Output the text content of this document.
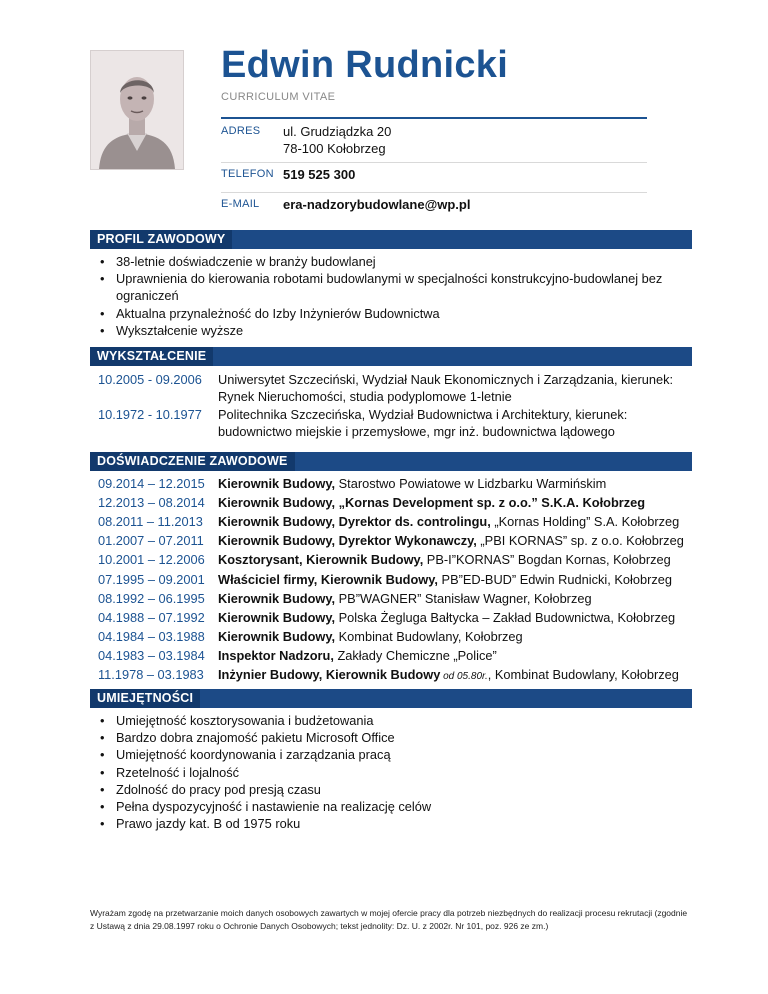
Edwin Rudnicki
CURRICULUM VITAE
ADRES ul. Grudziądzka 20
78-100 Kołobrzeg
TELEFON 519 525 300
E-MAIL era-nadzorybudowlane@wp.pl
PROFIL ZAWODOWY
• 38-letnie doświadczenie w branży budowlanej
• Uprawnienia do kierowania robotami budowlanymi w specjalności konstrukcyjno-budowlanej bez ograniczeń
• Aktualna przynależność do Izby Inżynierów Budownictwa
• Wykształcenie wyższe
WYKSZTAŁCENIE
10.2005 - 09.2006 Uniwersytet Szczeciński, Wydział Nauk Ekonomicznych i Zarządzania, kierunek: Rynek Nieruchomości, studia podyplomowe 1-letnie
10.1972 - 10.1977 Politechnika Szczecińska, Wydział Budownictwa i Architektury, kierunek: budownictwo miejskie i przemysłowe, mgr inż. budownictwa lądowego
DOŚWIADCZENIE ZAWODOWE
09.2014 – 12.2015 Kierownik Budowy, Starostwo Powiatowe w Lidzbarku Warmińskim
12.2013 – 08.2014 Kierownik Budowy, „Kornas Development sp. z o.o.” S.K.A. Kołobrzeg
08.2011 – 11.2013 Kierownik Budowy, Dyrektor ds. controlingu, „Kornas Holding” S.A. Kołobrzeg
01.2007 – 07.2011 Kierownik Budowy, Dyrektor Wykonawczy, „PBI KORNAS” sp. z o.o. Kołobrzeg
10.2001 – 12.2006 Kosztorysant, Kierownik Budowy, PB-I”KORNAS” Bogdan Kornas, Kołobrzeg
07.1995 – 09.2001 Właściciel firmy, Kierownik Budowy, PB”ED-BUD” Edwin Rudnicki, Kołobrzeg
08.1992 – 06.1995 Kierownik Budowy, PB”WAGNER” Stanisław Wagner, Kołobrzeg
04.1988 – 07.1992 Kierownik Budowy, Polska Żegluga Bałtycka – Zakład Budownictwa, Kołobrzeg
04.1984 – 03.1988 Kierownik Budowy, Kombinat Budowlany, Kołobrzeg
04.1983 – 03.1984 Inspektor Nadzoru, Zakłady Chemiczne „Police”
11.1978 – 03.1983 Inżynier Budowy, Kierownik Budowy od 05.80r., Kombinat Budowlany, Kołobrzeg
UMIEJĘTNOŚCI
• Umiejętność kosztorysowania i budżetowania
• Bardzo dobra znajomość pakietu Microsoft Office
• Umiejętność koordynowania i zarządzania pracą
• Rzetelność i lojalność
• Zdolność do pracy pod presją czasu
• Pełna dyspozycyjność i nastawienie na realizację celów
• Prawo jazdy kat. B od 1975 roku
Wyrażam zgodę na przetwarzanie moich danych osobowych zawartych w mojej ofercie pracy dla potrzeb niezbędnych do realizacji procesu rekrutacji (zgodnie z Ustawą z dnia 29.08.1997 roku o Ochronie Danych Osobowych; tekst jednolity: Dz. U. z 2002r. Nr 101, poz. 926 ze zm.)
